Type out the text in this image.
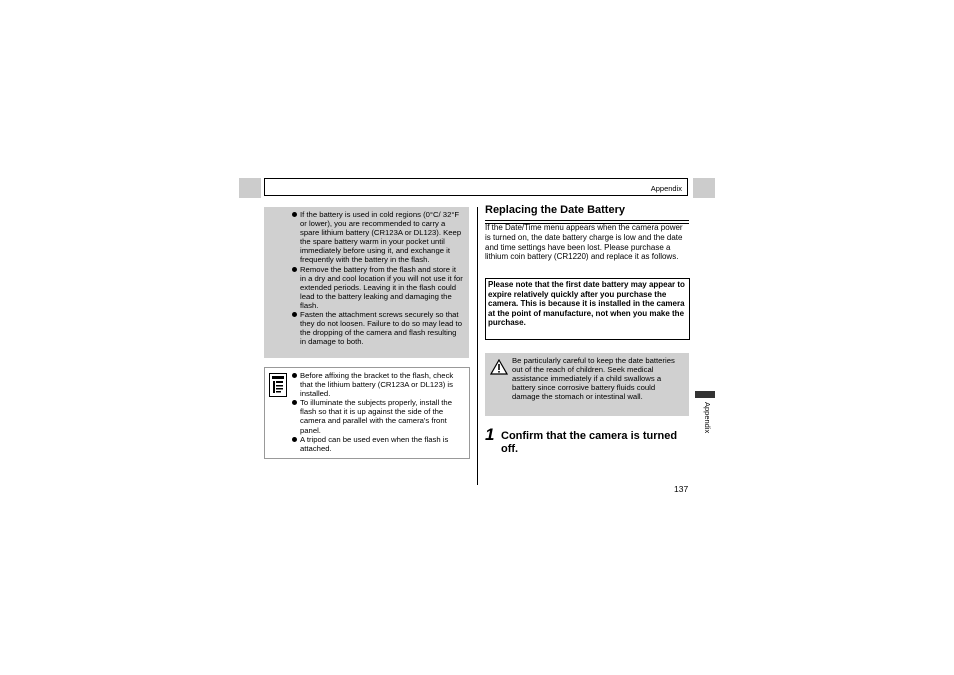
Appendix
If the battery is used in cold regions (0°C/ 32°F or lower), you are recommended to carry a spare lithium battery (CR123A or DL123). Keep the spare battery warm in your pocket until immediately before using it, and exchange it frequently with the battery in the flash.
Remove the battery from the flash and store it in a dry and cool location if you will not use it for extended periods. Leaving it in the flash could lead to the battery leaking and damaging the flash.
Fasten the attachment screws securely so that they do not loosen. Failure to do so may lead to the dropping of the camera and flash resulting in damage to both.
Before affixing the bracket to the flash, check that the lithium battery (CR123A or DL123) is installed.
To illuminate the subjects properly, install the flash so that it is up against the side of the camera and parallel with the camera's front panel.
A tripod can be used even when the flash is attached.
Replacing the Date Battery
If the Date/Time menu appears when the camera power is turned on, the date battery charge is low and the date and time settings have been lost. Please purchase a lithium coin battery (CR1220) and replace it as follows.
Please note that the first date battery may appear to expire relatively quickly after you purchase the camera. This is because it is installed in the camera at the point of manufacture, not when you make the purchase.
Be particularly careful to keep the date batteries out of the reach of children. Seek medical assistance immediately if a child swallows a battery since corrosive battery fluids could damage the stomach or intestinal wall.
1 Confirm that the camera is turned off.
137
Appendix
